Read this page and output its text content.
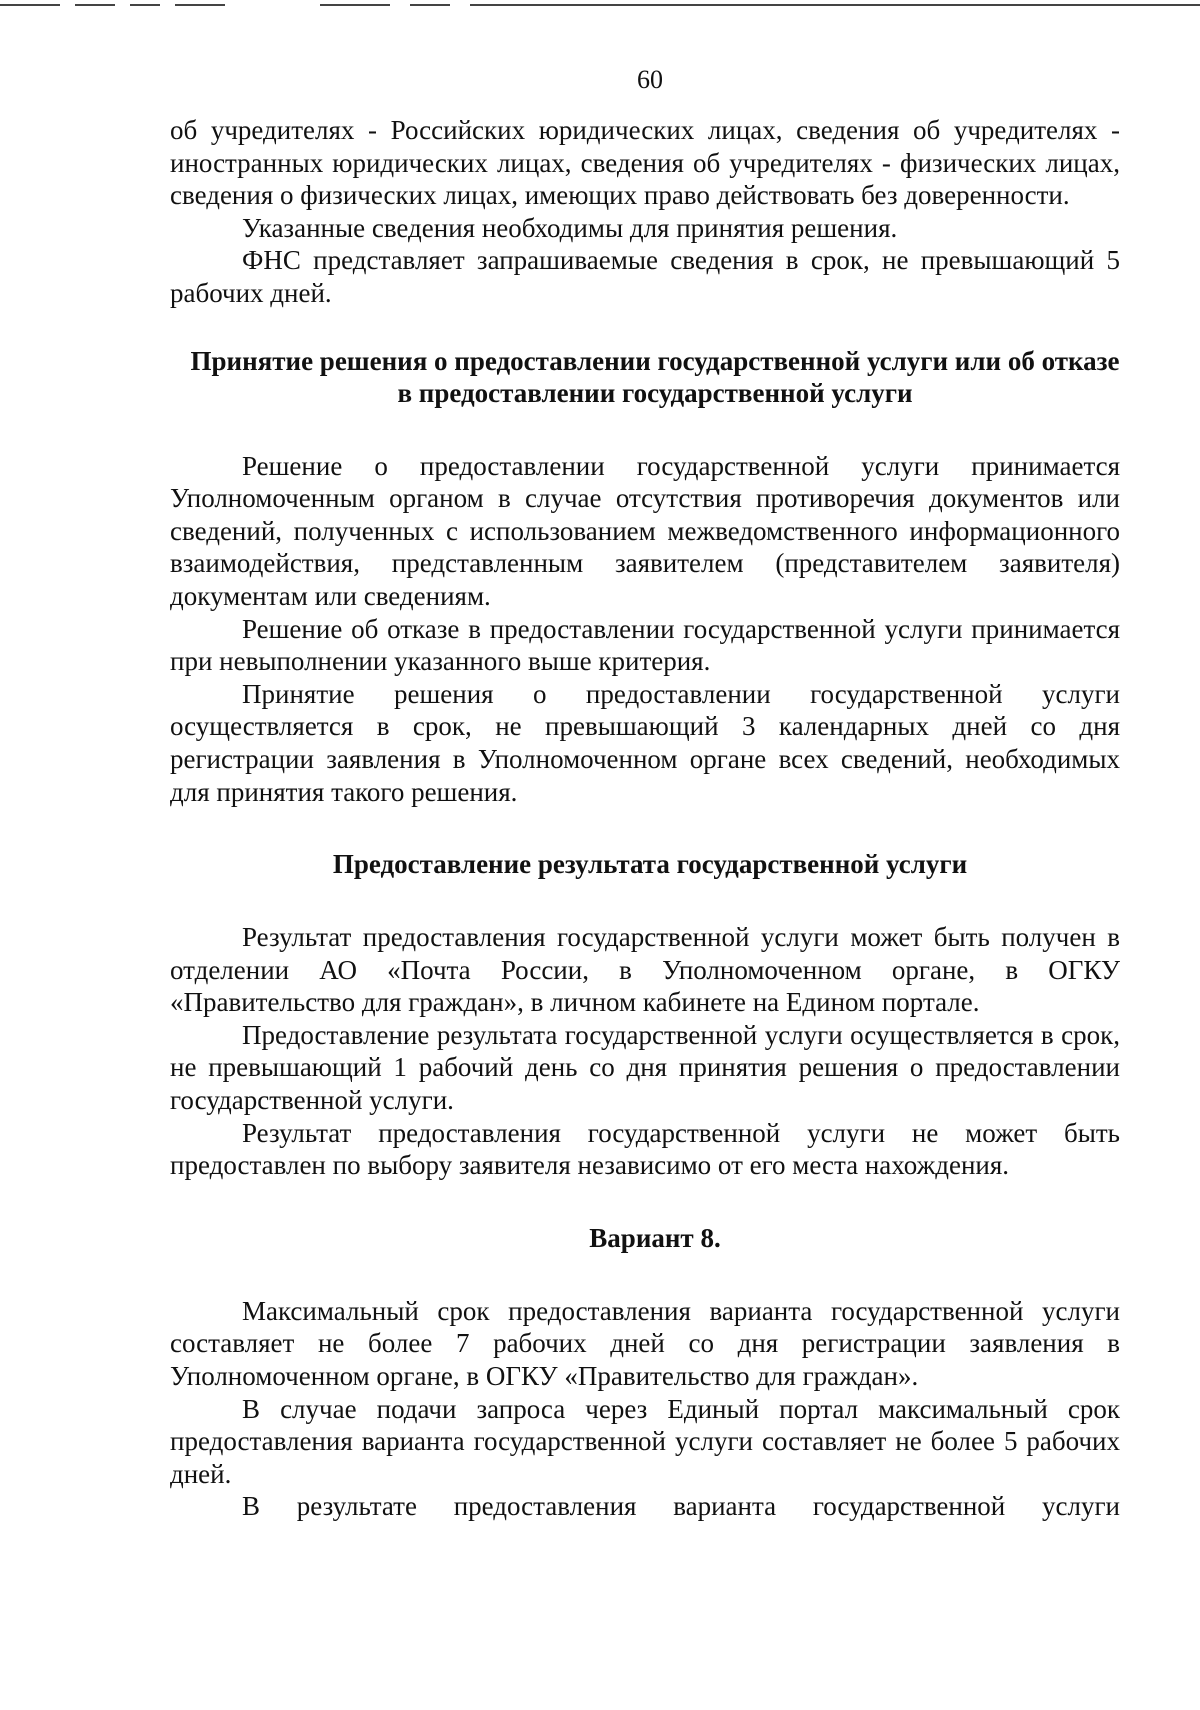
60

об учредителях - Российских юридических лицах, сведения об учредителях - иностранных юридических лицах, сведения об учредителях - физических лицах, сведения о физических лицах, имеющих право действовать без доверенности.

Указанные сведения необходимы для принятия решения.

ФНС представляет запрашиваемые сведения в срок, не превышающий 5 рабочих дней.

Принятие решения о предоставлении государственной услуги или об отказе в предоставлении государственной услуги

Решение о предоставлении государственной услуги принимается Уполномоченным органом в случае отсутствия противоречия документов или сведений, полученных с использованием межведомственного информационного взаимодействия, представленным заявителем (представителем заявителя) документам или сведениям.

Решение об отказе в предоставлении государственной услуги принимается при невыполнении указанного выше критерия.

Принятие решения о предоставлении государственной услуги осуществляется в срок, не превышающий 3 календарных дней со дня регистрации заявления в Уполномоченном органе всех сведений, необходимых для принятия такого решения.

Предоставление результата государственной услуги

Результат предоставления государственной услуги может быть получен в отделении АО «Почта России, в Уполномоченном органе, в ОГКУ «Правительство для граждан», в личном кабинете на Едином портале.

Предоставление результата государственной услуги осуществляется в срок, не превышающий 1 рабочий день со дня принятия решения о предоставлении государственной услуги.

Результат предоставления государственной услуги не может быть предоставлен по выбору заявителя независимо от его места нахождения.

Вариант 8.

Максимальный срок предоставления варианта государственной услуги составляет не более 7 рабочих дней со дня регистрации заявления в Уполномоченном органе, в ОГКУ «Правительство для граждан».

В случае подачи запроса через Единый портал максимальный срок предоставления варианта государственной услуги составляет не более 5 рабочих дней.

В результате предоставления варианта государственной услуги
